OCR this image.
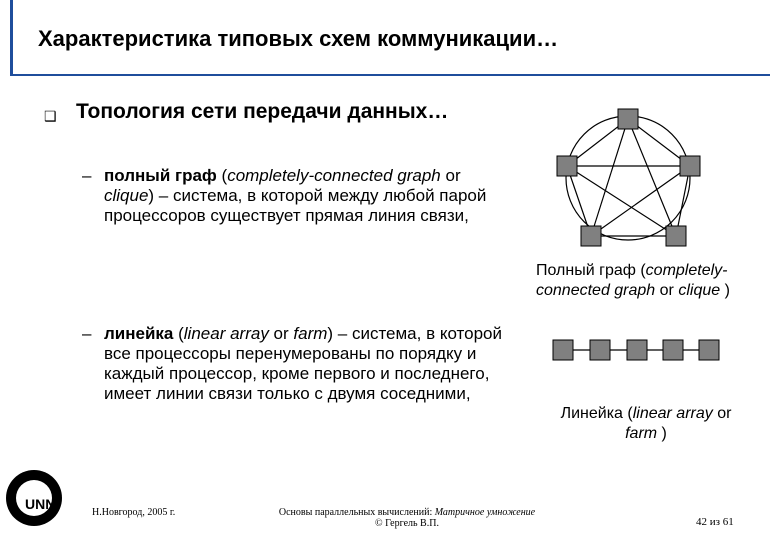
Характеристика типовых схем коммуникации…
❑ Топология сети передачи данных…
– полный граф (completely-connected graph or clique) – система, в которой между любой парой процессоров существует прямая линия связи,
– линейка (linear array or farm) – система, в которой все процессоры перенумерованы по порядку и каждый процессор, кроме первого и последнего, имеет линии связи только с двумя соседними,
Полный граф (completely-
connected graph or clique )
Линейка (linear array or
farm )
UNN
Н.Новгород, 2005 г.	Основы параллельных вычислений: Матричное умножение
© Гергель В.П.	42 из 61
